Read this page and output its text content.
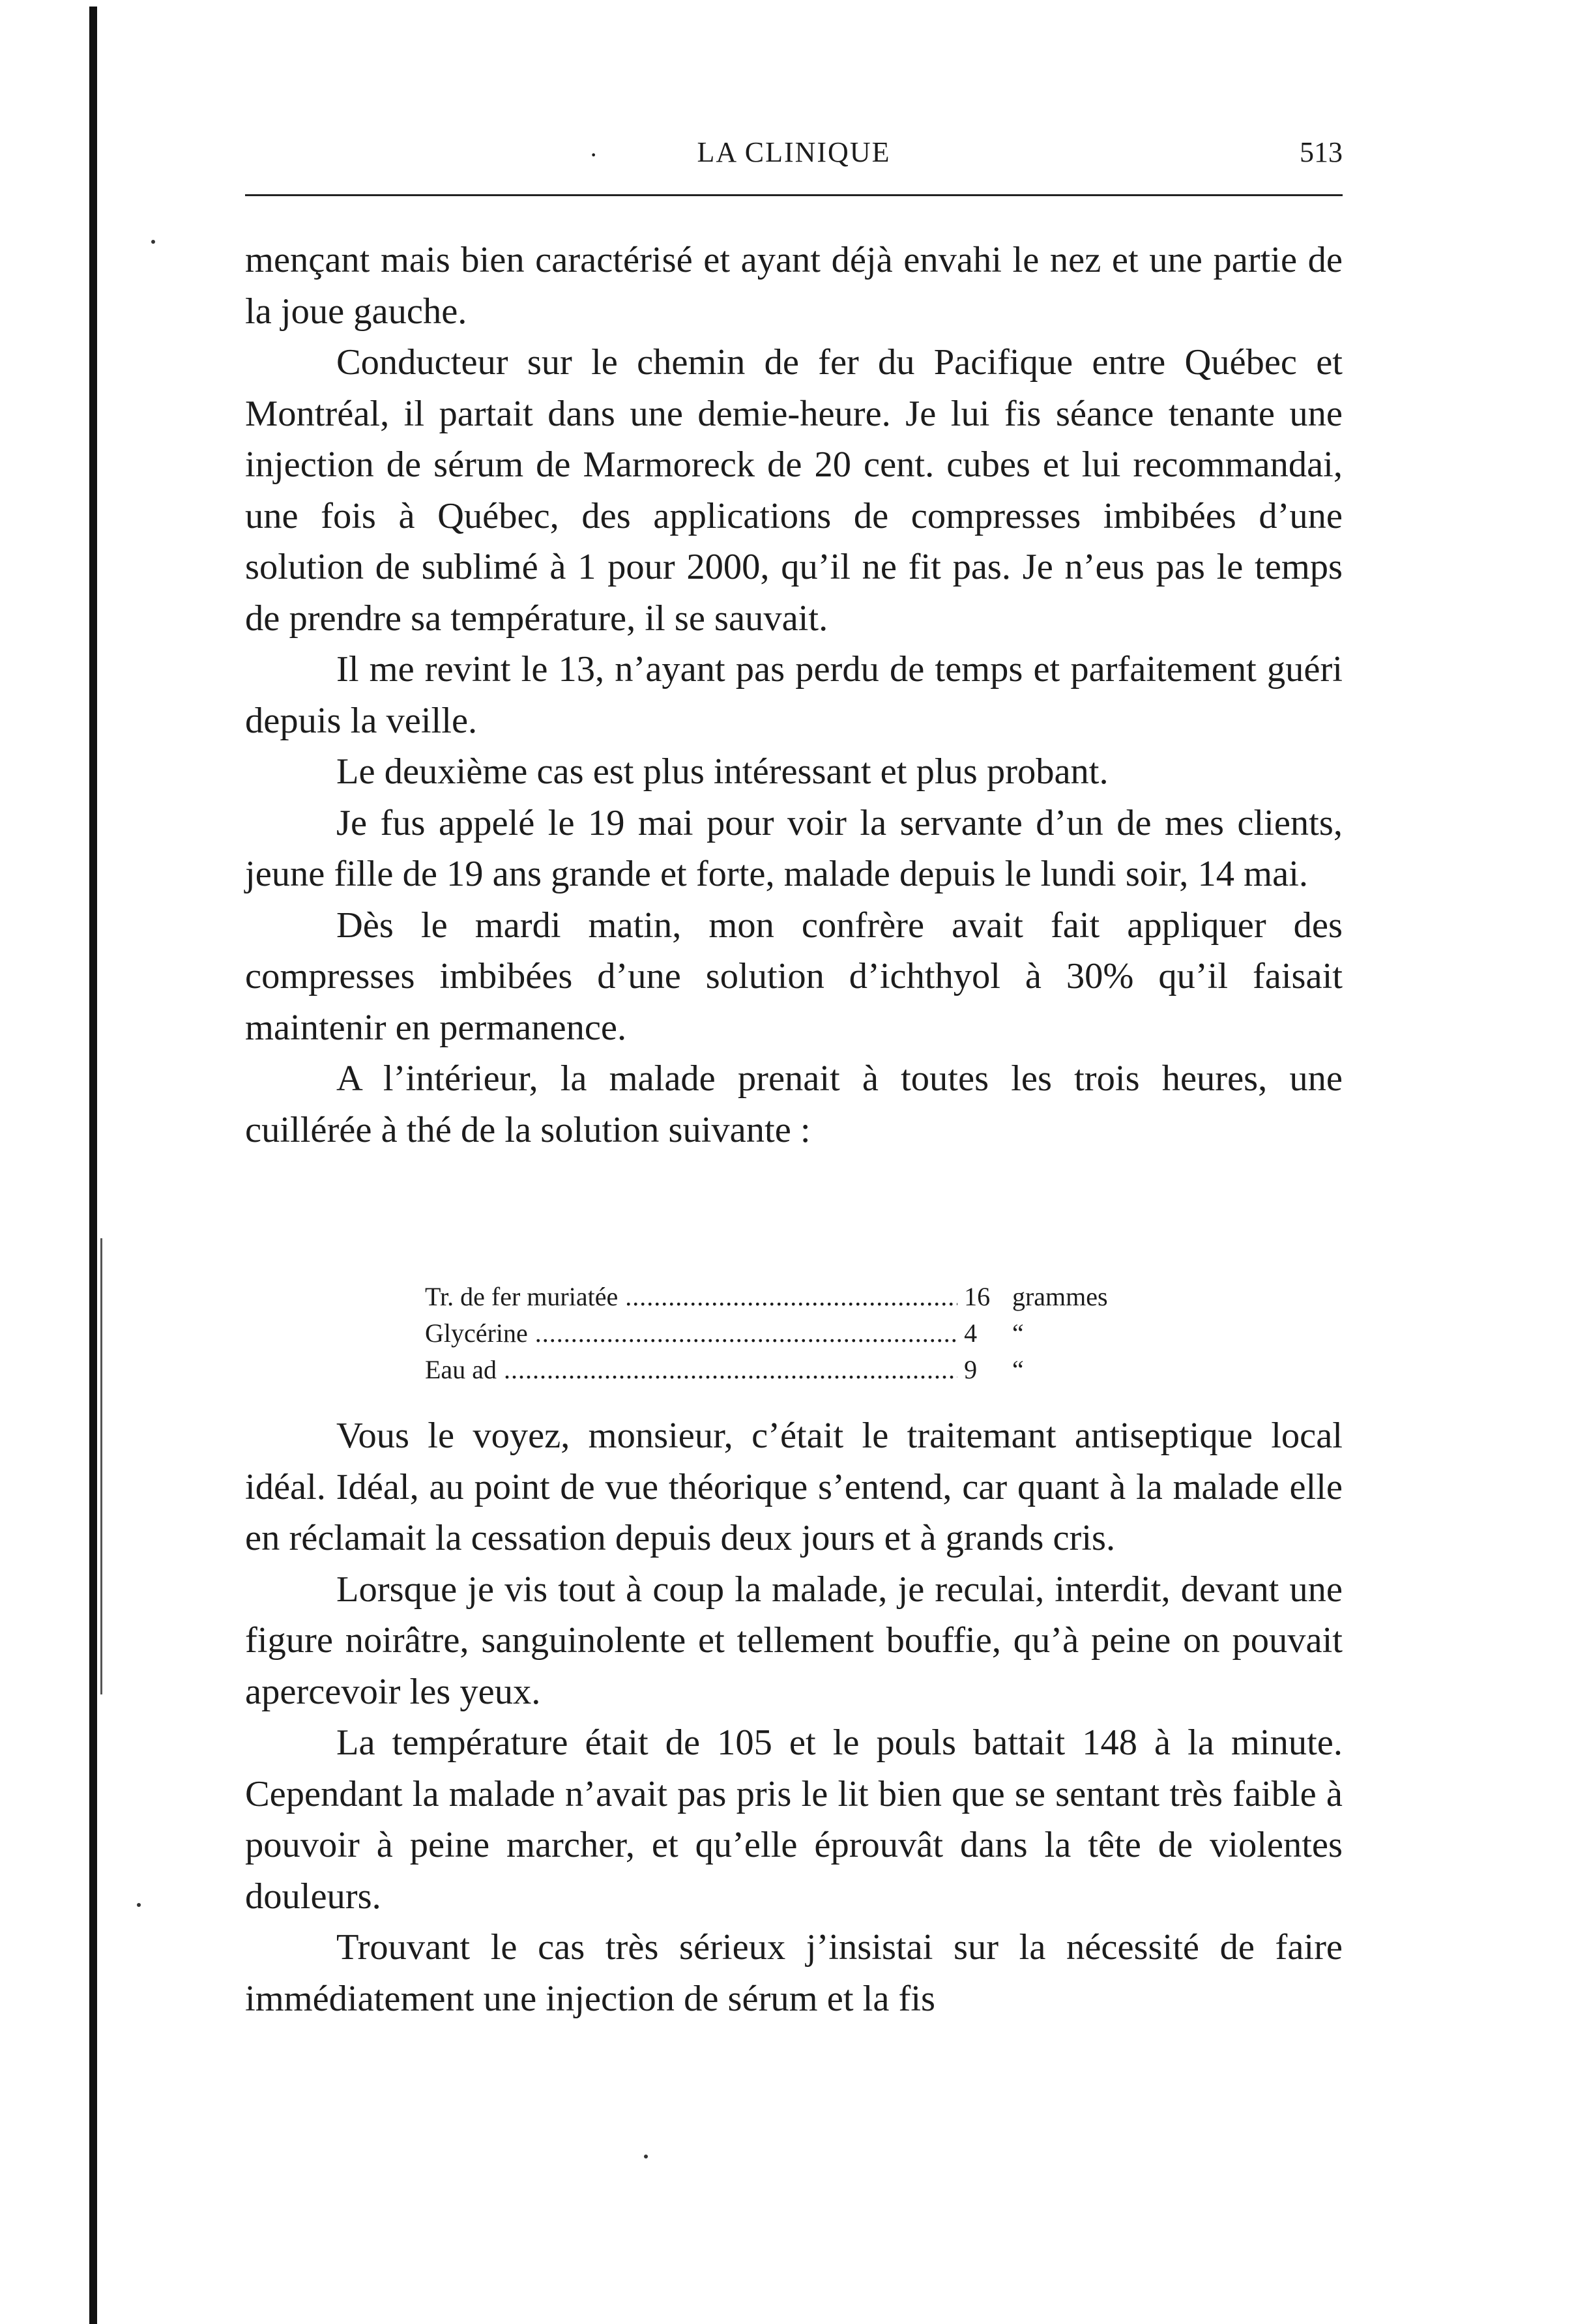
·	LA CLINIQUE	513

mençant mais bien caractérisé et ayant déjà envahi le nez et une partie de la joue gauche.

Conducteur sur le chemin de fer du Pacifique entre Québec et Montréal, il partait dans une demie-heure. Je lui fis séance tenante une injection de sérum de Marmoreck de 20 cent. cubes et lui recommandai, une fois à Québec, des applications de compresses imbibées d’une solution de sublimé à 1 pour 2000, qu’il ne fit pas. Je n’eus pas le temps de prendre sa température, il se sauvait.

Il me revint le 13, n’ayant pas perdu de temps et parfaitement guéri depuis la veille.

Le deuxième cas est plus intéressant et plus probant.

Je fus appelé le 19 mai pour voir la servante d’un de mes clients, jeune fille de 19 ans grande et forte, malade depuis le lundi soir, 14 mai.

Dès le mardi matin, mon confrère avait fait appliquer des compresses imbibées d’une solution d’ichthyol à 30% qu’il faisait maintenir en permanence.

A l’intérieur, la malade prenait à toutes les trois heures, une cuillérée à thé de la solution suivante :

Tr. de fer muriatée .....	16 grammes
Glycérine .....	4	“
Eau ad .....	9	“

Vous le voyez, monsieur, c’était le traitemant antiseptique local idéal. Idéal, au point de vue théorique s’entend, car quant à la malade elle en réclamait la cessation depuis deux jours et à grands cris.

Lorsque je vis tout à coup la malade, je reculai, interdit, devant une figure noirâtre, sanguinolente et tellement bouffie, qu’à peine on pouvait apercevoir les yeux.

La température était de 105 et le pouls battait 148 à la minute. Cependant la malade n’avait pas pris le lit bien que se sentant très faible à pouvoir à peine marcher, et qu’elle éprouvât dans la tête de violentes douleurs.

Trouvant le cas très sérieux j’insistai sur la nécessité de faire immédiatement une injection de sérum et la fis
